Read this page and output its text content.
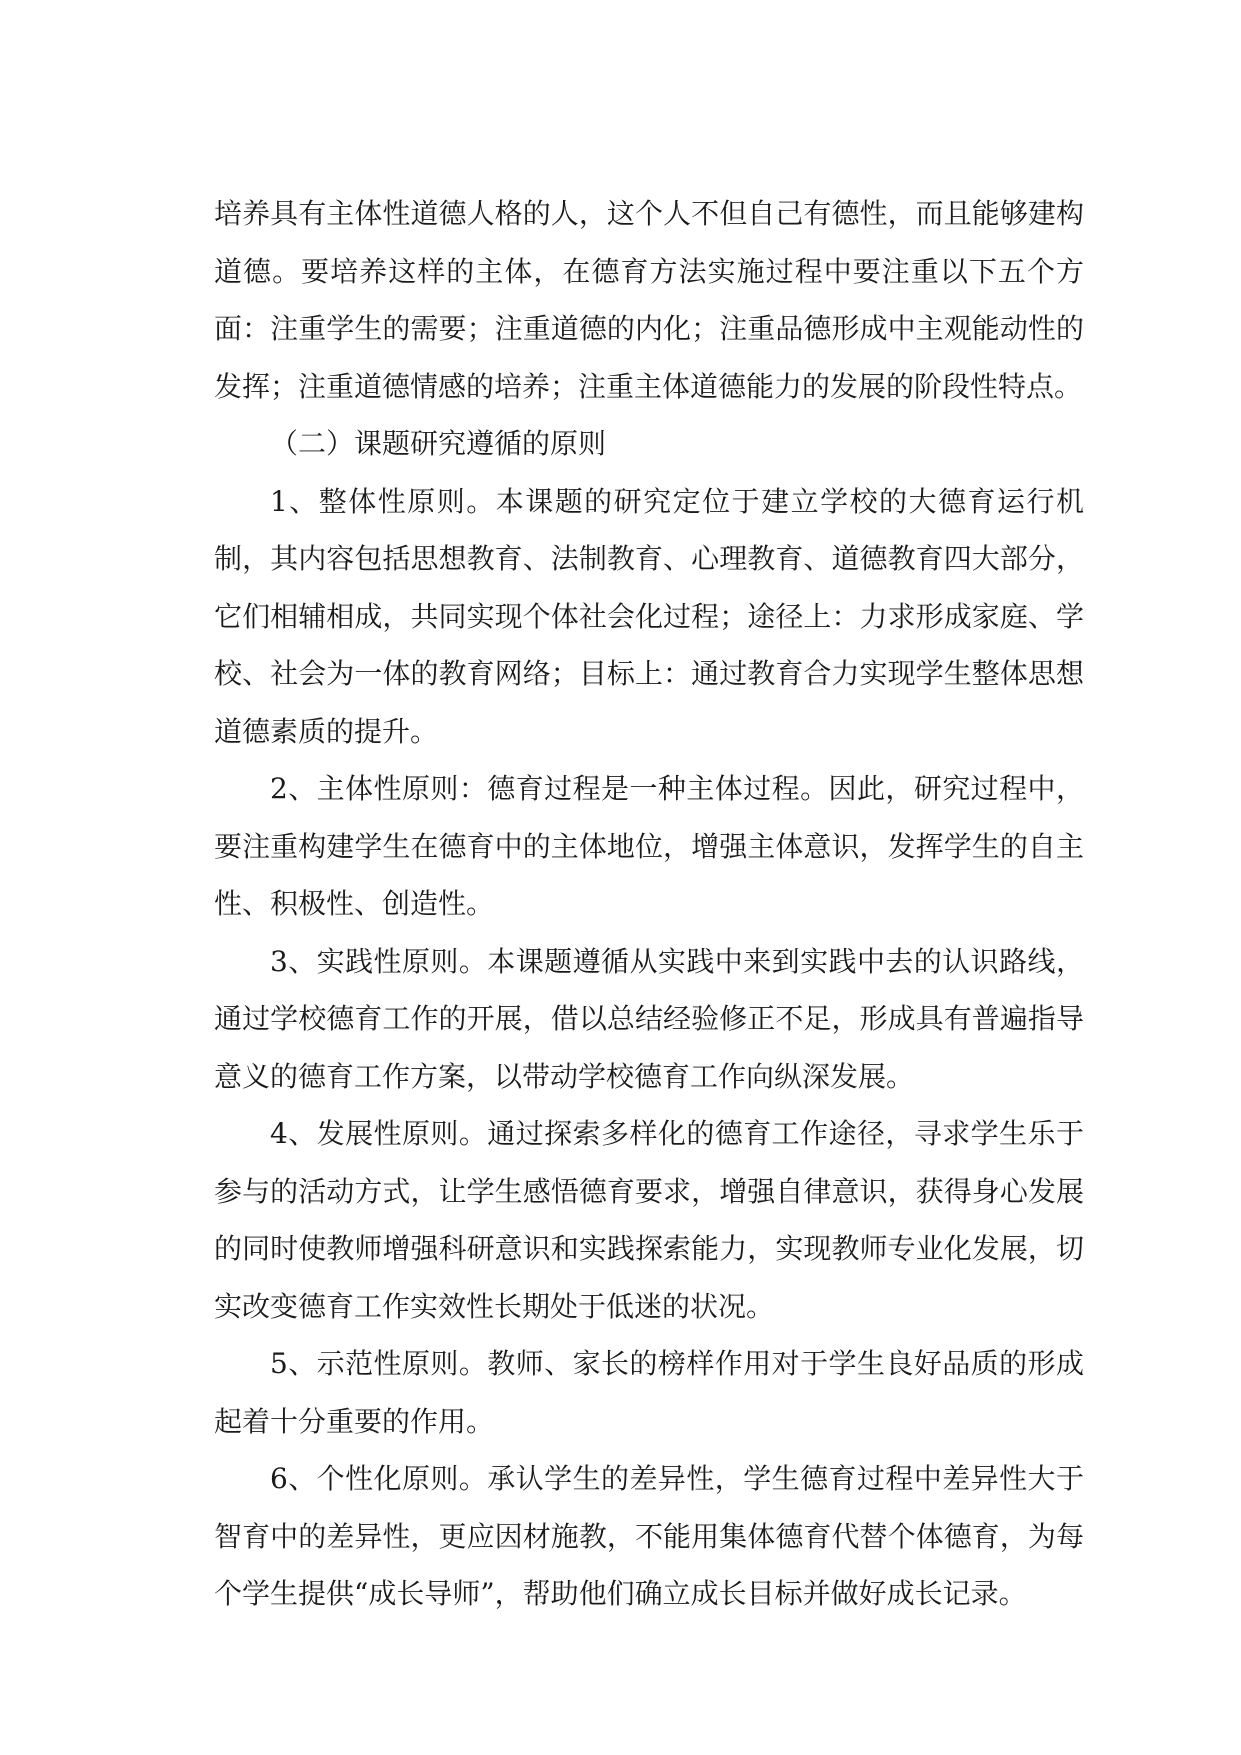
培养具有主体性道德人格的人，这个人不但自己有德性，而且能够建构道德。要培养这样的主体，在德育方法实施过程中要注重以下五个方面：注重学生的需要；注重道德的内化；注重品德形成中主观能动性的发挥；注重道德情感的培养；注重主体道德能力的发展的阶段性特点。

（二）课题研究遵循的原则

1、整体性原则。本课题的研究定位于建立学校的大德育运行机制，其内容包括思想教育、法制教育、心理教育、道德教育四大部分，它们相辅相成，共同实现个体社会化过程；途径上：力求形成家庭、学校、社会为一体的教育网络；目标上：通过教育合力实现学生整体思想道德素质的提升。

2、主体性原则：德育过程是一种主体过程。因此，研究过程中，要注重构建学生在德育中的主体地位，增强主体意识，发挥学生的自主性、积极性、创造性。

3、实践性原则。本课题遵循从实践中来到实践中去的认识路线，通过学校德育工作的开展，借以总结经验修正不足，形成具有普遍指导意义的德育工作方案，以带动学校德育工作向纵深发展。

4、发展性原则。通过探索多样化的德育工作途径，寻求学生乐于参与的活动方式，让学生感悟德育要求，增强自律意识，获得身心发展的同时使教师增强科研意识和实践探索能力，实现教师专业化发展，切实改变德育工作实效性长期处于低迷的状况。

5、示范性原则。教师、家长的榜样作用对于学生良好品质的形成起着十分重要的作用。

6、个性化原则。承认学生的差异性，学生德育过程中差异性大于智育中的差异性，更应因材施教，不能用集体德育代替个体德育，为每个学生提供“成长导师”，帮助他们确立成长目标并做好成长记录。
